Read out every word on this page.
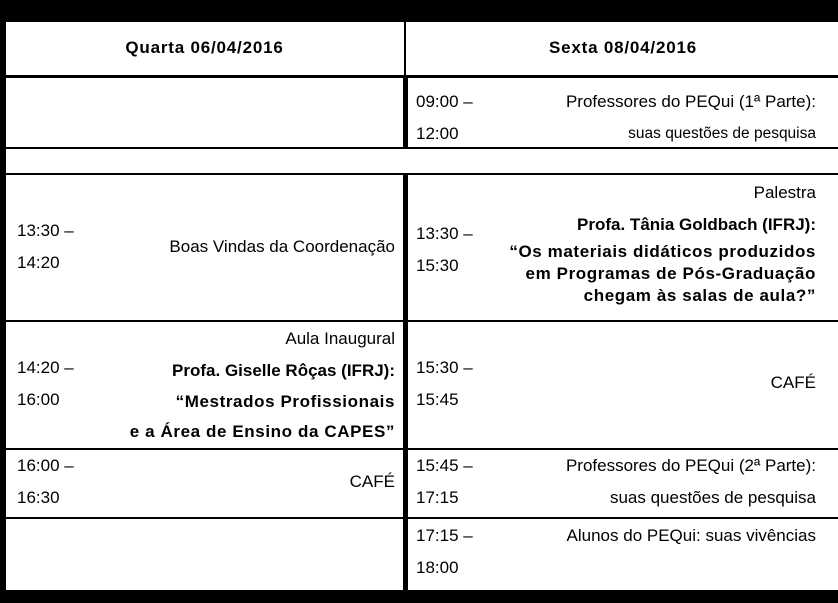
Quarta 06/04/2016	Sexta 08/04/2016
09:00 –
12:00
Professores do PEQui (1ª Parte):
suas questões de pesquisa
13:30 –
14:20
Boas Vindas da Coordenação
13:30 –
15:30
Palestra
Profa. Tânia Goldbach (IFRJ):
“Os materiais didáticos produzidos
em Programas de Pós-Graduação
chegam às salas de aula?”
14:20 –
16:00
Aula Inaugural
Profa. Giselle Rôças (IFRJ):
“Mestrados Profissionais
e a Área de Ensino da CAPES”
15:30 –
15:45
CAFÉ
16:00 –
16:30
CAFÉ
15:45 –
17:15
Professores do PEQui (2ª Parte):
suas questões de pesquisa
17:15 –
18:00
Alunos do PEQui: suas vivências
